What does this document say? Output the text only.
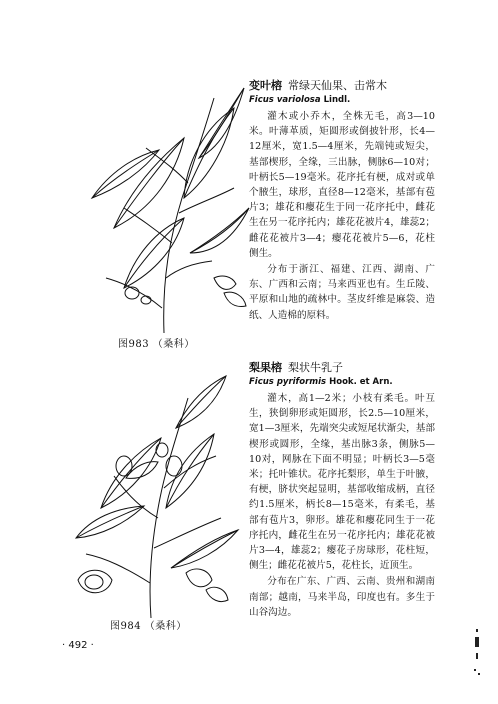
图983 （桑科）
变叶榕 常绿天仙果、击常木
Ficus variolosa Lindl.

灌木或小乔木，全株无毛，高3—10米。叶薄革质，矩圆形或倒披针形，长4—12厘米，宽1.5—4厘米，先端钝或短尖，基部楔形，全缘，三出脉，侧脉6—10对；叶柄长5—19毫米。花序托有梗，成对或单个腋生，球形，直径8—12毫米，基部有苞片3；雄花和瘿花生于同一花序托中，雌花生在另一花序托内；雄花花被片4，雄蕊2；雌花花被片3—4；瘿花花被片5—6，花柱侧生。

分布于浙江、福建、江西、湖南、广东、广西和云南；马来西亚也有。生丘陵、平原和山地的疏林中。茎皮纤维是麻袋、造纸、人造棉的原料。

图984 （桑科）
梨果榕 梨状牛乳子
Ficus pyriformis Hook. et Arn.

灌木，高1—2米；小枝有柔毛。叶互生，狭倒卵形或矩圆形，长2.5—10厘米，宽1—3厘米，先端突尖或短尾状渐尖，基部楔形或圆形，全缘，基出脉3条，侧脉5—10对，网脉在下面不明显；叶柄长3—5毫米；托叶锥状。花序托梨形，单生于叶腋，有梗，脐状突起显明，基部收缩成柄，直径约1.5厘米，柄长8—15毫米，有柔毛，基部有苞片3，卵形。雄花和瘿花同生于一花序托内，雌花生在另一花序托内；雄花花被片3—4，雄蕊2；瘿花子房球形，花柱短，侧生；雌花花被片5，花柱长，近顶生。

分布在广东、广西、云南、贵州和湖南南部；越南，马来半岛，印度也有。多生于山谷沟边。

· 492 ·
